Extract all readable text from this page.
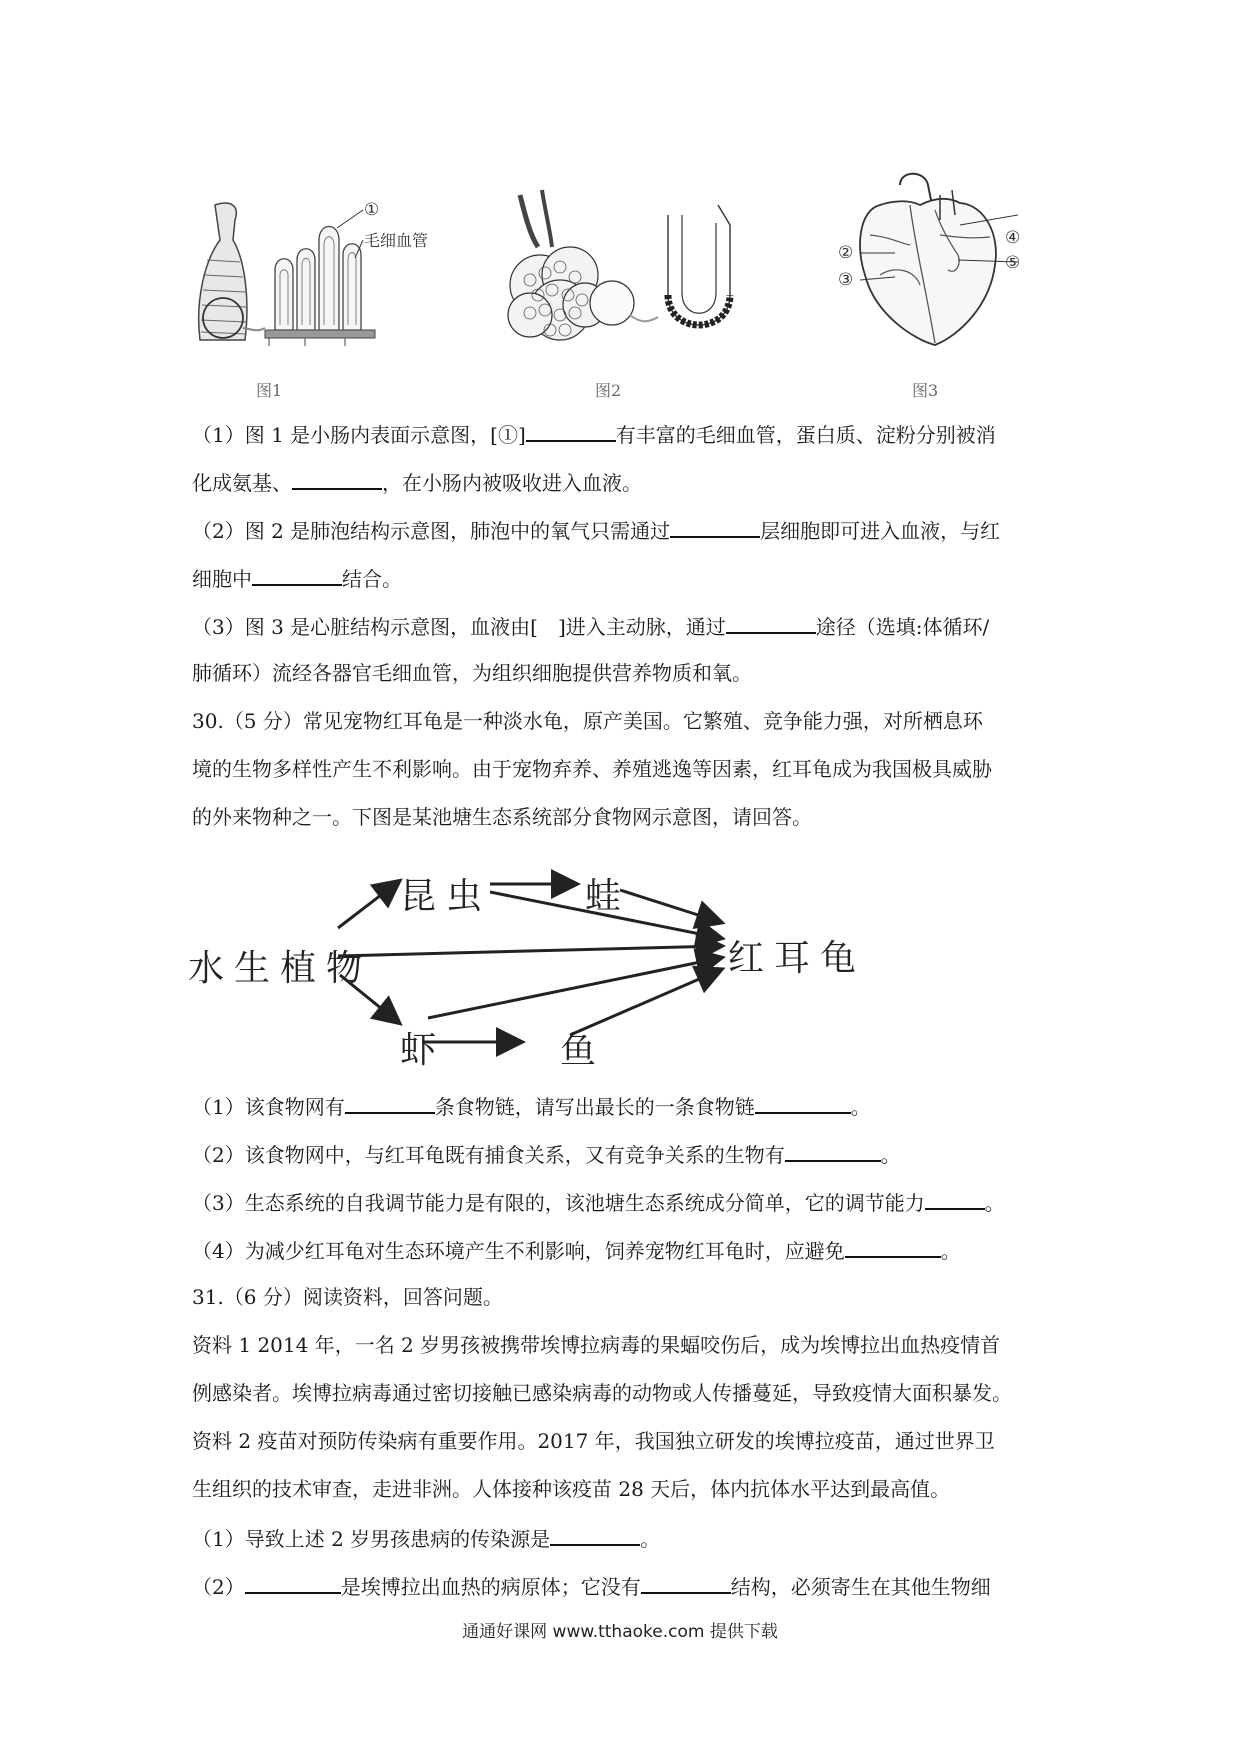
①
毛细血管
图1	图2
④
⑤
②
③
图3
（1）图 1 是小肠内表面示意图，[①]	有丰富的毛细血管，蛋白质、淀粉分别被消
化成氨基、	，在小肠内被吸收进入血液。
（2）图 2 是肺泡结构示意图，肺泡中的氧气只需通过	层细胞即可进入血液，与红
细胞中	结合。
（3）图 3 是心脏结构示意图，血液由[　]进入主动脉，通过	途径（选填:体循环/
肺循环）流经各器官毛细血管，为组织细胞提供营养物质和氧。
30.（5 分）常见宠物红耳龟是一种淡水龟，原产美国。它繁殖、竞争能力强，对所栖息环
境的生物多样性产生不利影响。由于宠物弃养、养殖逃逸等因素，红耳龟成为我国极具威胁
的外来物种之一。下图是某池塘生态系统部分食物网示意图，请回答。
水生植物
昆虫	蛙
红耳龟
虾	鱼
（1）该食物网有	条食物链，请写出最长的一条食物链	。
（2）该食物网中，与红耳龟既有捕食关系，又有竞争关系的生物有	。
（3）生态系统的自我调节能力是有限的，该池塘生态系统成分简单，它的调节能力	。
（4）为减少红耳龟对生态环境产生不利影响，饲养宠物红耳龟时，应避免	。
31.（6 分）阅读资料，回答问题。
资料 1 2014 年，一名 2 岁男孩被携带埃博拉病毒的果蝠咬伤后，成为埃博拉出血热疫情首
例感染者。埃博拉病毒通过密切接触已感染病毒的动物或人传播蔓延，导致疫情大面积暴发。
资料 2 疫苗对预防传染病有重要作用。2017 年，我国独立研发的埃博拉疫苗，通过世界卫
生组织的技术审查，走进非洲。人体接种该疫苗 28 天后，体内抗体水平达到最高值。
（1）导致上述 2 岁男孩患病的传染源是	。
（2）	是埃博拉出血热的病原体；它没有	结构，必须寄生在其他生物细
通通好课网 www.tthaoke.com 提供下载
